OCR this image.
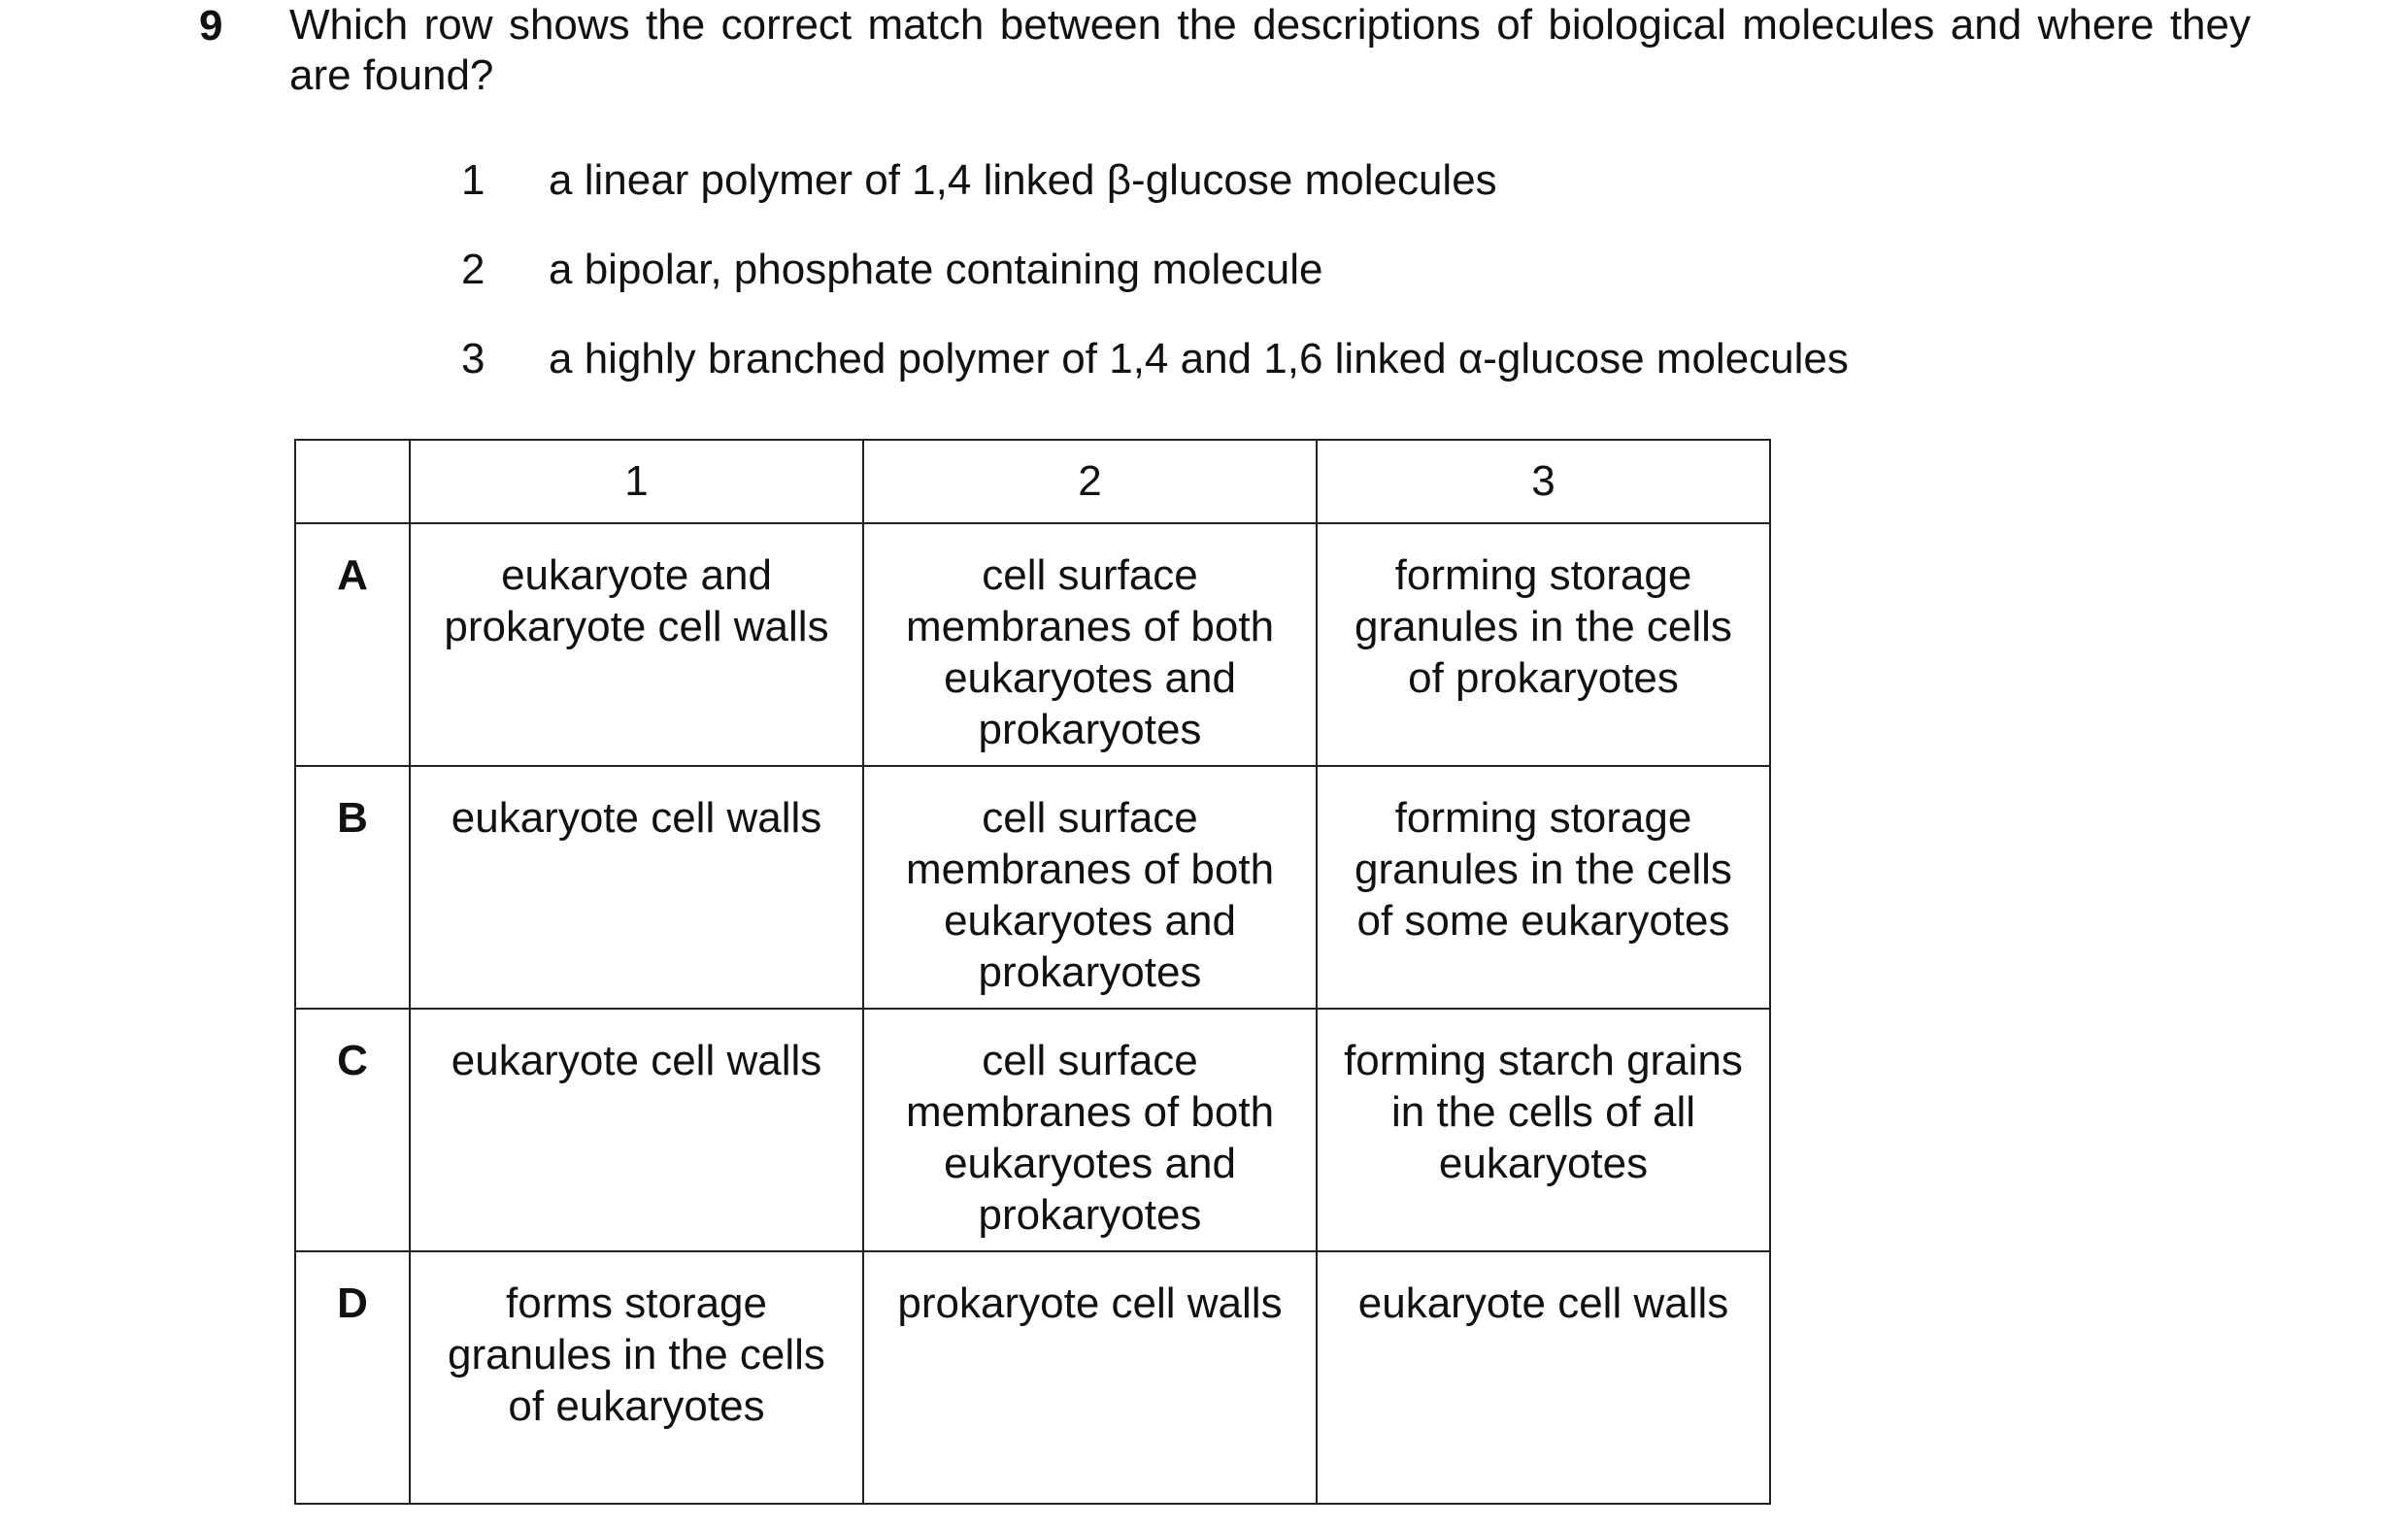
9 Which row shows the correct match between the descriptions of biological molecules and where they are found?
1	a linear polymer of 1,4 linked β-glucose molecules
2	a bipolar, phosphate containing molecule
3	a highly branched polymer of 1,4 and 1,6 linked α-glucose molecules
	1	2	3

A	eukaryote and prokaryote cell walls	cell surface membranes of both eukaryotes and prokaryotes	forming storage granules in the cells of prokaryotes

B	eukaryote cell walls	cell surface membranes of both eukaryotes and prokaryotes	forming storage granules in the cells of some eukaryotes

C	eukaryote cell walls	cell surface membranes of both eukaryotes and prokaryotes	forming starch grains in the cells of all eukaryotes

D	forms storage granules in the cells of eukaryotes	prokaryote cell walls	eukaryote cell walls
